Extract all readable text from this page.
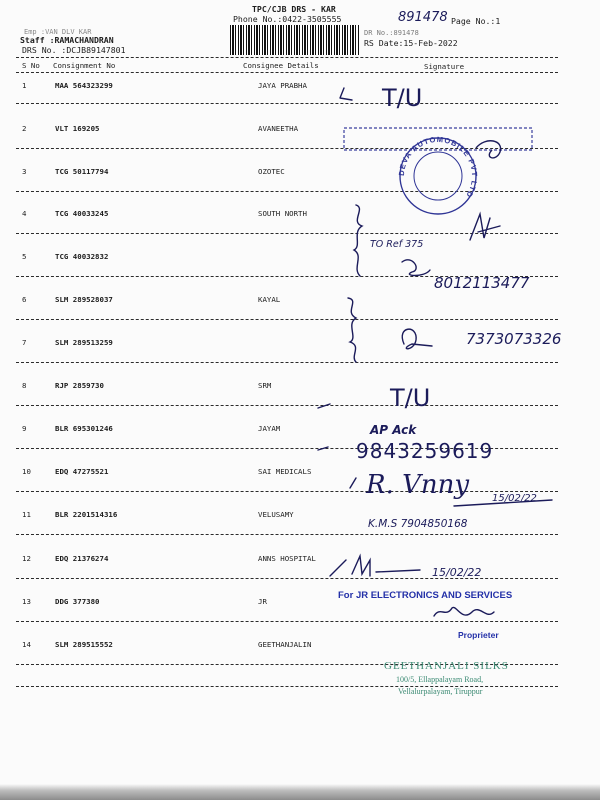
TPC/CJB DRS - KAR
Phone No.:0422-3505555	891478 Page No.:1
Emp :VAN DLV KAR
Staff :RAMACHANDRAN
DRS No. :DCJB89147801
DR No.:891478
RS Date:15-Feb-2022
S No Consignment No	Consignee Details	Signature
1	MAA 564323299	JAYA PRABHA
2	VLT 169205	AVANEETHA
3	TCG 50117794	OZOTEC
4	TCG 40033245	SOUTH NORTH
5	TCG 40032832
6	SLM 289528037	KAYAL
7	SLM 289513259
8	RJP 2859730	SRM
9	BLR 695301246	JAYAM
10	EDQ 47275521	SAI MEDICALS
11	BLR 2201514316	VELUSAMY
12	EDQ 21376274	ANNS HOSPITAL
13	DDG 377380	JR
14	SLM 289515552	GEETHANJALIN
T/U
TO Ref 375
8012113477
7373073326
T/U
AP Ack
9843259619
R. Vnny 15/02/22
K.M.S 7904850168
15/02/22
DEVA AUTOMOBILE PVT LTD
For JR ELECTRONICS AND SERVICES
Proprieter
GEETHANJALI SILKS
100/5, Ellappalayam Road,
Vellalurpalayam, Tiruppur
